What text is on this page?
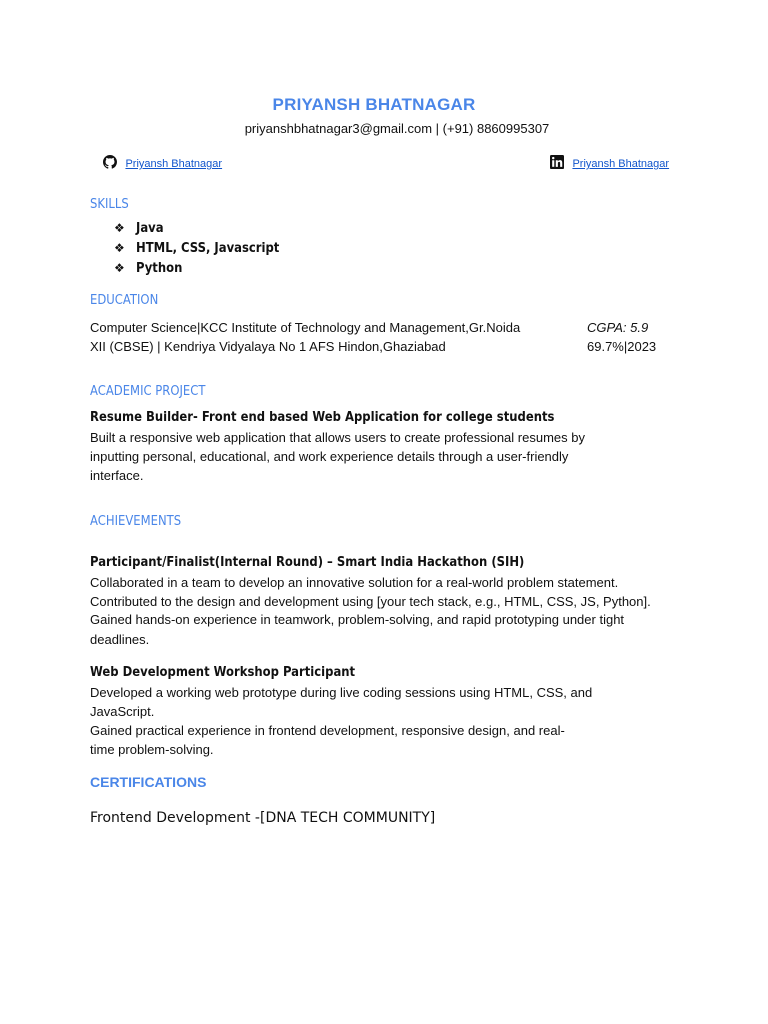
PRIYANSH BHATNAGAR
priyanshbhatnagar3@gmail.com | (+91) 8860995307
Priyansh Bhatnagar	Priyansh Bhatnagar
SKILLS
❖ Java
❖ HTML, CSS, Javascript
❖ Python
EDUCATION
Computer Science|KCC Institute of Technology and Management,Gr.Noida	CGPA: 5.9
XII (CBSE) | Kendriya Vidyalaya No 1 AFS Hindon,Ghaziabad	69.7%|2023
ACADEMIC PROJECT
Resume Builder- Front end based Web Application for college students
Built a responsive web application that allows users to create professional resumes by
inputting personal, educational, and work experience details through a user-friendly
interface.
ACHIEVEMENTS
Participant/Finalist(Internal Round) – Smart India Hackathon (SIH)
Collaborated in a team to develop an innovative solution for a real-world problem statement.
Contributed to the design and development using [your tech stack, e.g., HTML, CSS, JS, Python].
Gained hands-on experience in teamwork, problem-solving, and rapid prototyping under tight
deadlines.
Web Development Workshop Participant
Developed a working web prototype during live coding sessions using HTML, CSS, and
JavaScript.
Gained practical experience in frontend development, responsive design, and real-
time problem-solving.
CERTIFICATIONS
Frontend Development -[DNA TECH COMMUNITY]
